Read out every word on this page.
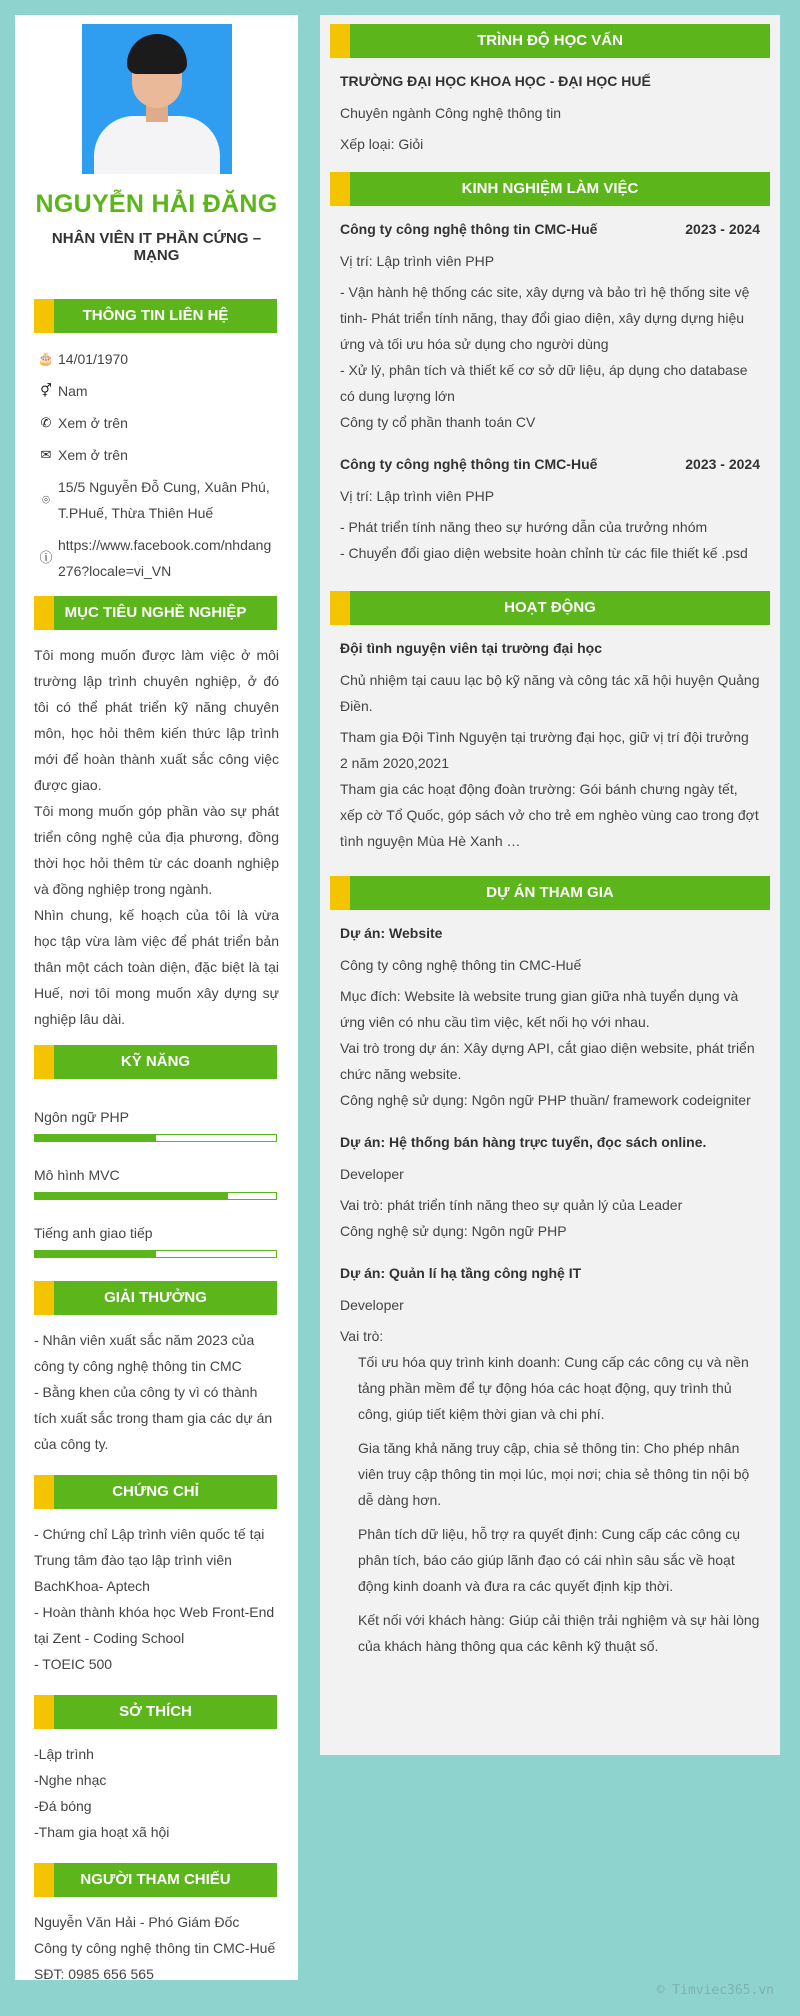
NGUYỄN HẢI ĐĂNG
NHÂN VIÊN IT PHẦN CỨNG – MẠNG
THÔNG TIN LIÊN HỆ
🎂 14/01/1970
⚥ Nam
✆ Xem ở trên
✉ Xem ở trên
⌾
15/5 Nguyễn Đỗ Cung, Xuân Phú, T.PHuế, Thừa Thiên Huế
ⓘ
https://www.facebook.com/nhdang276?locale=vi_VN
MỤC TIÊU NGHỀ NGHIỆP
Tôi mong muốn được làm việc ở môi trường lập trình chuyên nghiệp, ở đó tôi có thể phát triển kỹ năng chuyên môn, học hỏi thêm kiến thức lập trình mới để hoàn thành xuất sắc công việc được giao.
Tôi mong muốn góp phần vào sự phát triển công nghệ của địa phương, đồng thời học hỏi thêm từ các doanh nghiệp và đồng nghiệp trong ngành.
Nhìn chung, kế hoạch của tôi là vừa học tập vừa làm việc để phát triển bản thân một cách toàn diện, đặc biệt là tại Huế, nơi tôi mong muốn xây dựng sự nghiệp lâu dài.
KỸ NĂNG
Ngôn ngữ PHP
Mô hình MVC
Tiếng anh giao tiếp
GIẢI THƯỞNG
- Nhân viên xuất sắc năm 2023 của công ty công nghệ thông tin CMC
- Bằng khen của công ty vì có thành tích xuất sắc trong tham gia các dự án của công ty.
CHỨNG CHỈ
- Chứng chỉ Lập trình viên quốc tế tại Trung tâm đào tạo lập trình viên BachKhoa- Aptech
- Hoàn thành khóa học Web Front-End tại Zent - Coding School
- TOEIC 500
SỞ THÍCH
-Lập trình
-Nghe nhạc
-Đá bóng
-Tham gia hoạt xã hội
NGƯỜI THAM CHIẾU
Nguyễn Văn Hải - Phó Giám Đốc
Công ty công nghệ thông tin CMC-Huế
SĐT: 0985 656 565
TRÌNH ĐỘ HỌC VẤN
TRƯỜNG ĐẠI HỌC KHOA HỌC - ĐẠI HỌC HUẾ
Chuyên ngành Công nghệ thông tin
Xếp loại: Giỏi
KINH NGHIỆM LÀM VIỆC
Công ty công nghệ thông tin CMC-Huế	2023 - 2024
Vị trí: Lập trình viên PHP
- Vận hành hệ thống các site, xây dựng và bảo trì hệ thống site vệ tinh- Phát triển tính năng, thay đổi giao diện, xây dựng dựng hiệu ứng và tối ưu hóa sử dụng cho người dùng
- Xử lý, phân tích và thiết kế cơ sở dữ liệu, áp dụng cho database có dung lượng lớn
Công ty cổ phần thanh toán CV
Công ty công nghệ thông tin CMC-Huế	2023 - 2024
Vị trí: Lập trình viên PHP
- Phát triển tính năng theo sự hướng dẫn của trưởng nhóm
- Chuyển đổi giao diện website hoàn chỉnh từ các file thiết kế .psd
HOẠT ĐỘNG
Đội tình nguyện viên tại trường đại học
Chủ nhiệm tại cauu lạc bộ kỹ năng và công tác xã hội huyện Quảng Điền.
Tham gia Đội Tình Nguyện tại trường đại học, giữ vị trí đội trưởng 2 năm 2020,2021
Tham gia các hoạt động đoàn trường: Gói bánh chưng ngày tết, xếp cờ Tổ Quốc, góp sách vở cho trẻ em nghèo vùng cao trong đợt tình nguyện Mùa Hè Xanh …
DỰ ÁN THAM GIA
Dự án: Website
Công ty công nghệ thông tin CMC-Huế
Mục đích: Website là website trung gian giữa nhà tuyển dụng và ứng viên có nhu cầu tìm việc, kết nối họ với nhau.
Vai trò trong dự án: Xây dựng API, cắt giao diện website, phát triển chức năng website.
Công nghệ sử dụng: Ngôn ngữ PHP thuần/ framework codeigniter
Dự án: Hệ thống bán hàng trực tuyến, đọc sách online.
Developer
Vai trò: phát triển tính năng theo sự quản lý của Leader
Công nghệ sử dụng: Ngôn ngữ PHP
Dự án: Quản lí hạ tầng công nghệ IT
Developer
Vai trò:
Tối ưu hóa quy trình kinh doanh: Cung cấp các công cụ và nền tảng phần mềm để tự động hóa các hoạt động, quy trình thủ công, giúp tiết kiệm thời gian và chi phí.
Gia tăng khả năng truy cập, chia sẻ thông tin: Cho phép nhân viên truy cập thông tin mọi lúc, mọi nơi; chia sẻ thông tin nội bộ dễ dàng hơn.
Phân tích dữ liệu, hỗ trợ ra quyết định: Cung cấp các công cụ phân tích, báo cáo giúp lãnh đạo có cái nhìn sâu sắc về hoạt động kinh doanh và đưa ra các quyết định kịp thời.
Kết nối với khách hàng: Giúp cải thiện trải nghiệm và sự hài lòng của khách hàng thông qua các kênh kỹ thuật số.
© Timviec365.vn
